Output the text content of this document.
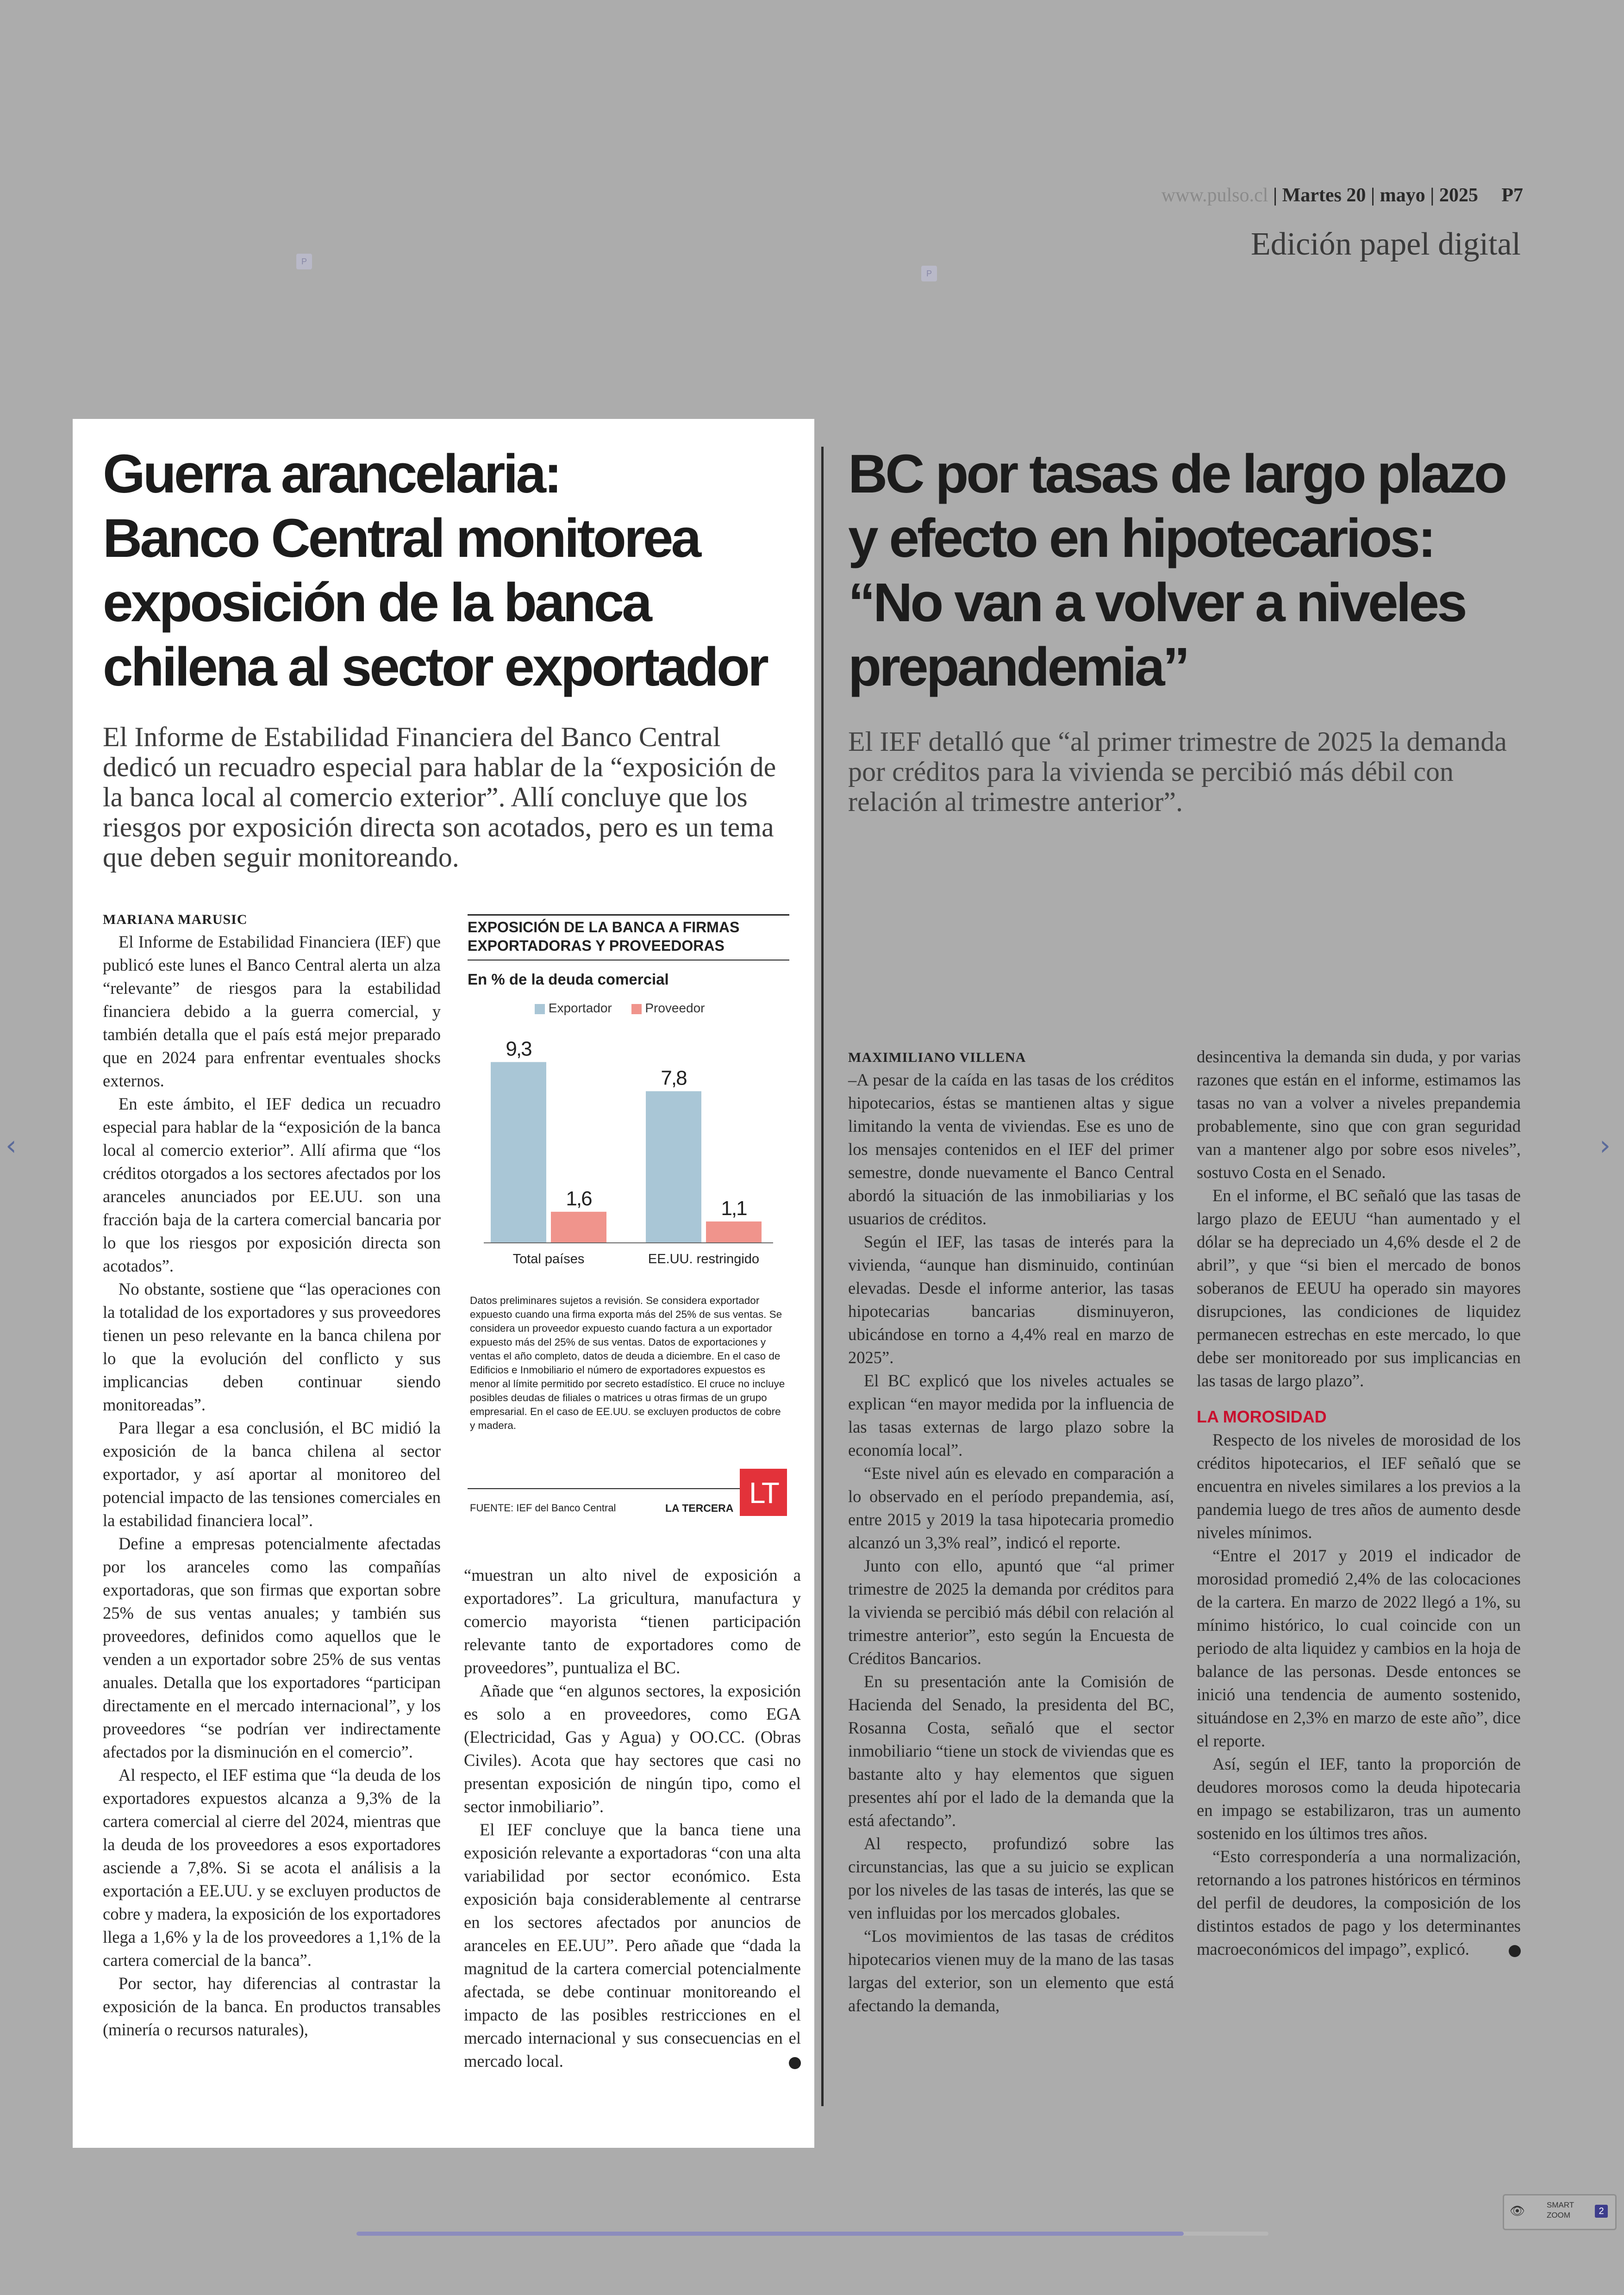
www.pulso.cl | Martes 20 | mayo | 2025 P7
Edición papel digital
P
P
Guerra arancelaria:
Banco Central monitorea
exposición de la banca
chilena al sector exportador
El Informe de Estabilidad Financiera del Banco Central dedicó un recuadro especial para hablar de la “exposición de la banca local al comercio exterior”. Allí concluye que los riesgos por exposición directa son acotados, pero es un tema que deben seguir monitoreando.
MARIANA MARUSIC

El Informe de Estabilidad Financiera (IEF) que publicó este lunes el Banco Central alerta un alza “relevante” de riesgos para la estabilidad financiera debido a la guerra comercial, y también detalla que el país está mejor preparado que en 2024 para enfrentar eventuales shocks externos.

En este ámbito, el IEF dedica un recuadro especial para hablar de la “exposición de la banca local al comercio exterior”. Allí afirma que “los créditos otorgados a los sectores afectados por los aranceles anunciados por EE.UU. son una fracción baja de la cartera comercial bancaria por lo que los riesgos por exposición directa son acotados”.

No obstante, sostiene que “las operaciones con la totalidad de los exportadores y sus proveedores tienen un peso relevante en la banca chilena por lo que la evolución del conflicto y sus implicancias deben continuar siendo monitoreadas”.

Para llegar a esa conclusión, el BC midió la exposición de la banca chilena al sector exportador, y así aportar al monitoreo del potencial impacto de las tensiones comerciales en la estabilidad financiera local”.

Define a empresas potencialmente afectadas por los aranceles como las compañías exportadoras, que son firmas que exportan sobre 25% de sus ventas anuales; y también sus proveedores, definidos como aquellos que le venden a un exportador sobre 25% de sus ventas anuales. Detalla que los exportadores “participan directamente en el mercado internacional”, y los proveedores “se podrían ver indirectamente afectados por la disminución en el comercio”.

Al respecto, el IEF estima que “la deuda de los exportadores expuestos alcanza a 9,3% de la cartera comercial al cierre del 2024, mientras que la deuda de los proveedores a esos exportadores asciende a 7,8%. Si se acota el análisis a la exportación a EE.UU. y se excluyen productos de cobre y madera, la exposición de los exportadores llega a 1,6% y la de los proveedores a 1,1% de la cartera comercial de la banca”.

Por sector, hay diferencias al contrastar la exposición de la banca. En productos transables (minería o recursos naturales),

“muestran un alto nivel de exposición a exportadores”. La gricultura, manufactura y comercio mayorista “tienen participación relevante tanto de exportadores como de proveedores”, puntualiza el BC.

Añade que “en algunos sectores, la exposición es solo a en proveedores, como EGA (Electricidad, Gas y Agua) y OO.CC. (Obras Civiles). Acota que hay sectores que casi no presentan exposición de ningún tipo, como el sector inmobiliario”.

El IEF concluye que la banca tiene una exposición relevante a exportadoras “con una alta variabilidad por sector económico. Esta exposición baja considerablemente al centrarse en los sectores afectados por anuncios de aranceles en EE.UU”. Pero añade que “dada la magnitud de la cartera comercial potencialmente afectada, se debe continuar monitoreando el impacto de las posibles restricciones en el mercado internacional y sus consecuencias en el mercado local.

EXPOSICIÓN DE LA BANCA A FIRMAS EXPORTADORAS Y PROVEEDORAS
En % de la deuda comercial
Exportador	Proveedor
9,3
1,6
Total países
7,8
1,1
EE.UU. restringido
Datos preliminares sujetos a revisión. Se considera exportador expuesto cuando una firma exporta más del 25% de sus ventas. Se considera un proveedor expuesto cuando factura a un exportador expuesto más del 25% de sus ventas. Datos de exportaciones y ventas el año completo, datos de deuda a diciembre. En el caso de Edificios e Inmobiliario el número de exportadores expuestos es menor al límite permitido por secreto estadístico. El cruce no incluye posibles deudas de filiales o matrices u otras firmas de un grupo empresarial. En el caso de EE.UU. se excluyen productos de cobre y madera.
FUENTE: IEF del Banco Central	LA TERCERA LT
BC por tasas de largo plazo
y efecto en hipotecarios:
“No van a volver a niveles
prepandemia”
El IEF detalló que “al primer trimestre de 2025 la demanda por créditos para la vivienda se percibió más débil con relación al trimestre anterior”.
MAXIMILIANO VILLENA

–A pesar de la caída en las tasas de los créditos hipotecarios, éstas se mantienen altas y sigue limitando la venta de viviendas. Ese es uno de los mensajes contenidos en el IEF del primer semestre, donde nuevamente el Banco Central abordó la situación de las inmobiliarias y los usuarios de créditos.

Según el IEF, las tasas de interés para la vivienda, “aunque han disminuido, continúan elevadas. Desde el informe anterior, las tasas hipotecarias bancarias disminuyeron, ubicándose en torno a 4,4% real en marzo de 2025”.

El BC explicó que los niveles actuales se explican “en mayor medida por la influencia de las tasas externas de largo plazo sobre la economía local”.

“Este nivel aún es elevado en comparación a lo observado en el período prepandemia, así, entre 2015 y 2019 la tasa hipotecaria promedio alcanzó un 3,3% real”, indicó el reporte.

Junto con ello, apuntó que “al primer trimestre de 2025 la demanda por créditos para la vivienda se percibió más débil con relación al trimestre anterior”, esto según la Encuesta de Créditos Bancarios.

En su presentación ante la Comisión de Hacienda del Senado, la presidenta del BC, Rosanna Costa, señaló que el sector inmobiliario “tiene un stock de viviendas que es bastante alto y hay elementos que siguen presentes ahí por el lado de la demanda que la está afectando”.

Al respecto, profundizó sobre las circunstancias, las que a su juicio se explican por los niveles de las tasas de interés, las que se ven influidas por los mercados globales.

“Los movimientos de las tasas de créditos hipotecarios vienen muy de la mano de las tasas largas del exterior, son un elemento que está afectando la demanda,

desincentiva la demanda sin duda, y por varias razones que están en el informe, estimamos las tasas no van a volver a niveles prepandemia probablemente, sino que con gran seguridad van a mantener algo por sobre esos niveles”, sostuvo Costa en el Senado.

En el informe, el BC señaló que las tasas de largo plazo de EEUU “han aumentado y el dólar se ha depreciado un 4,6% desde el 2 de abril”, y que “si bien el mercado de bonos soberanos de EEUU ha operado sin mayores disrupciones, las condiciones de liquidez permanecen estrechas en este mercado, lo que debe ser monitoreado por sus implicancias en las tasas de largo plazo”.

LA MOROSIDAD

Respecto de los niveles de morosidad de los créditos hipotecarios, el IEF señaló que se encuentra en niveles similares a los previos a la pandemia luego de tres años de aumento desde niveles mínimos.

“Entre el 2017 y 2019 el indicador de morosidad promedió 2,4% de las colocaciones de la cartera. En marzo de 2022 llegó a 1%, su mínimo histórico, lo cual coincide con un periodo de alta liquidez y cambios en la hoja de balance de las personas. Desde entonces se inició una tendencia de aumento sostenido, situándose en 2,3% en marzo de este año”, dice el reporte.

Así, según el IEF, tanto la proporción de deudores morosos como la deuda hipotecaria en impago se estabilizaron, tras un aumento sostenido en los últimos tres años.

“Esto correspondería a una normalización, retornando a los patrones históricos en términos del perfil de deudores, la composición de los distintos estados de pago y los determinantes macroeconómicos del impago”, explicó.

‹	›
👁	SMART
ZOOM	2
